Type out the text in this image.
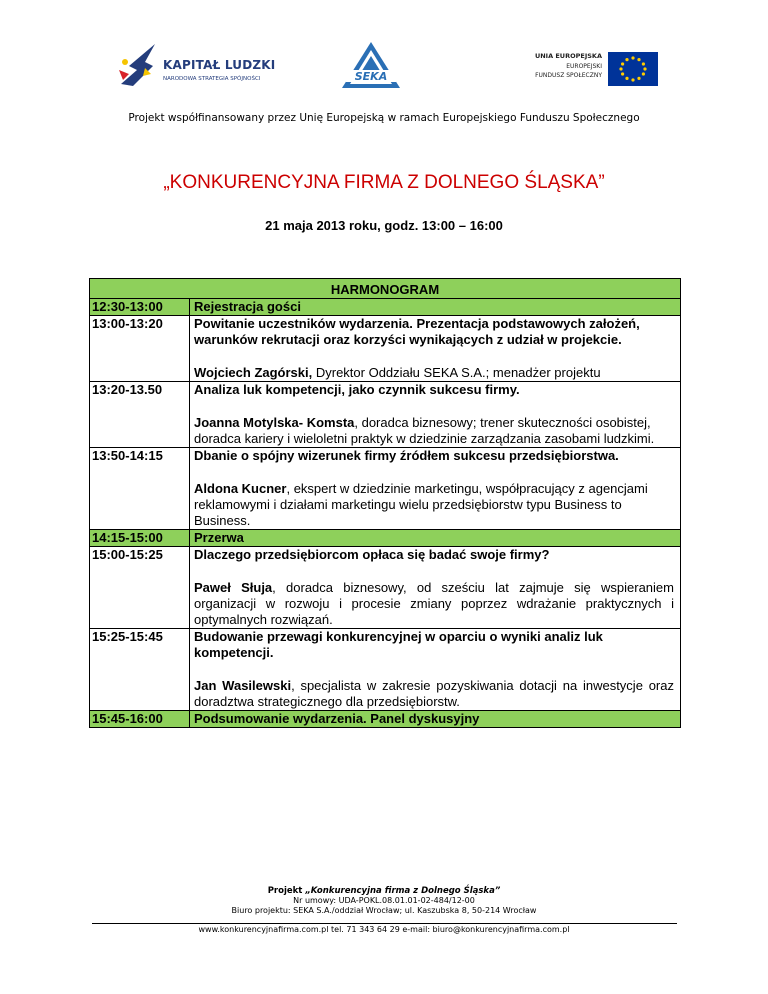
KAPITAŁ LUDZKI
NARODOWA STRATEGIA SPÓJNOŚCI	SEKA
UNIA EUROPEJSKA
EUROPEJSKI
FUNDUSZ SPOŁECZNY
Projekt współfinansowany przez Unię Europejską w ramach Europejskiego Funduszu Społecznego
„KONKURENCYJNA FIRMA Z DOLNEGO ŚLĄSKA”
21 maja 2013 roku, godz. 13:00 – 16:00
HARMONOGRAM
12:30-13:00	Rejestracja gości
13:00-13:20	Powitanie uczestników wydarzenia. Prezentacja podstawowych założeń, warunków rekrutacji oraz korzyści wynikających z udział w projekcie.
Wojciech Zagórski, Dyrektor Oddziału SEKA S.A.; menadżer projektu
13:20-13.50	Analiza luk kompetencji, jako czynnik sukcesu firmy.
Joanna Motylska- Komsta, doradca biznesowy; trener skuteczności osobistej, doradca kariery i wieloletni praktyk w dziedzinie zarządzania zasobami ludzkimi.
13:50-14:15	Dbanie o spójny wizerunek firmy źródłem sukcesu przedsiębiorstwa.
Aldona Kucner, ekspert w dziedzinie marketingu, współpracujący z agencjami reklamowymi i działami marketingu wielu przedsiębiorstw typu Business to Business.
14:15-15:00	Przerwa
15:00-15:25	Dlaczego przedsiębiorcom opłaca się badać swoje firmy?
Paweł Słuja, doradca biznesowy, od sześciu lat zajmuje się wspieraniem organizacji w rozwoju i procesie zmiany poprzez wdrażanie praktycznych i optymalnych rozwiązań.
15:25-15:45	Budowanie przewagi konkurencyjnej w oparciu o wyniki analiz luk kompetencji.
Jan Wasilewski, specjalista w zakresie pozyskiwania dotacji na inwestycje oraz doradztwa strategicznego dla przedsiębiorstw.
15:45-16:00	Podsumowanie wydarzenia. Panel dyskusyjny
Projekt „Konkurencyjna firma z Dolnego Śląska”
Nr umowy: UDA-POKL.08.01.01-02-484/12-00
Biuro projektu: SEKA S.A./oddział Wrocław; ul. Kaszubska 8, 50-214 Wrocław
www.konkurencyjnafirma.com.pl tel. 71 343 64 29 e-mail: biuro@konkurencyjnafirma.com.pl
